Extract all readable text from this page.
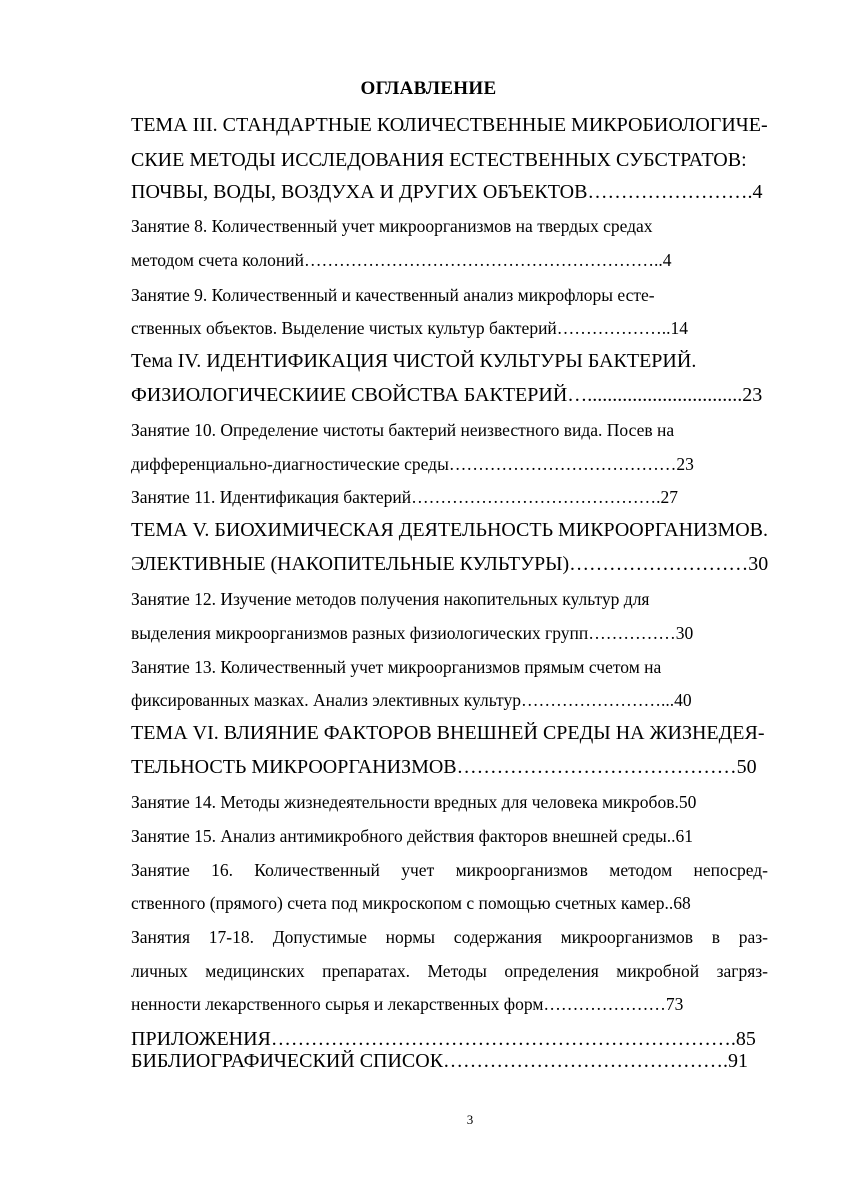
ОГЛАВЛЕНИЕ
ТЕМА III. СТАНДАРТНЫЕ КОЛИЧЕСТВЕННЫЕ МИКРОБИОЛОГИЧЕ-
СКИЕ МЕТОДЫ ИССЛЕДОВАНИЯ ЕСТЕСТВЕННЫХ СУБСТРАТОВ:
ПОЧВЫ, ВОДЫ, ВОЗДУХА И ДРУГИХ ОБЪЕКТОВ…………………….4
Занятие 8. Количественный учет микроорганизмов на твердых средах
методом счета колоний……………………………………………………..4
Занятие 9. Количественный и качественный анализ микрофлоры есте-
ственных объектов. Выделение чистых культур бактерий………………..14
Тема IV. ИДЕНТИФИКАЦИЯ ЧИСТОЙ КУЛЬТУРЫ БАКТЕРИЙ.
ФИЗИОЛОГИЧЕСКИИЕ СВОЙСТВА БАКТЕРИЙ…...............................23
Занятие 10. Определение чистоты бактерий неизвестного вида. Посев на
дифференциально-диагностические среды…………………………………23
Занятие 11. Идентификация бактерий…………………………………….27
ТЕМА V. БИОХИМИЧЕСКАЯ ДЕЯТЕЛЬНОСТЬ МИКРООРГАНИЗМОВ.
ЭЛЕКТИВНЫЕ (НАКОПИТЕЛЬНЫЕ КУЛЬТУРЫ)………………………30
Занятие 12. Изучение методов получения накопительных культур для
выделения микроорганизмов разных физиологических групп……………30
Занятие 13. Количественный учет микроорганизмов прямым счетом на
фиксированных мазках. Анализ элективных культур……………………...40
ТЕМА VI. ВЛИЯНИЕ ФАКТОРОВ ВНЕШНЕЙ СРЕДЫ НА ЖИЗНЕДЕЯ-
ТЕЛЬНОСТЬ МИКРООРГАНИЗМОВ……………………………………50
Занятие 14. Методы жизнедеятельности вредных для человека микробов.50
Занятие 15. Анализ антимикробного действия факторов внешней среды..61
Занятие 16. Количественный учет микроорганизмов методом непосред-
ственного (прямого) счета под микроскопом с помощью счетных камер..68
Занятия 17-18. Допустимые нормы содержания микроорганизмов в раз-
личных медицинских препаратах. Методы определения микробной загряз-
ненности лекарственного сырья и лекарственных форм…………………73
ПРИЛОЖЕНИЯ…………………………………………………………….85
БИБЛИОГРАФИЧЕСКИЙ СПИСОК…………………………………….91
3
